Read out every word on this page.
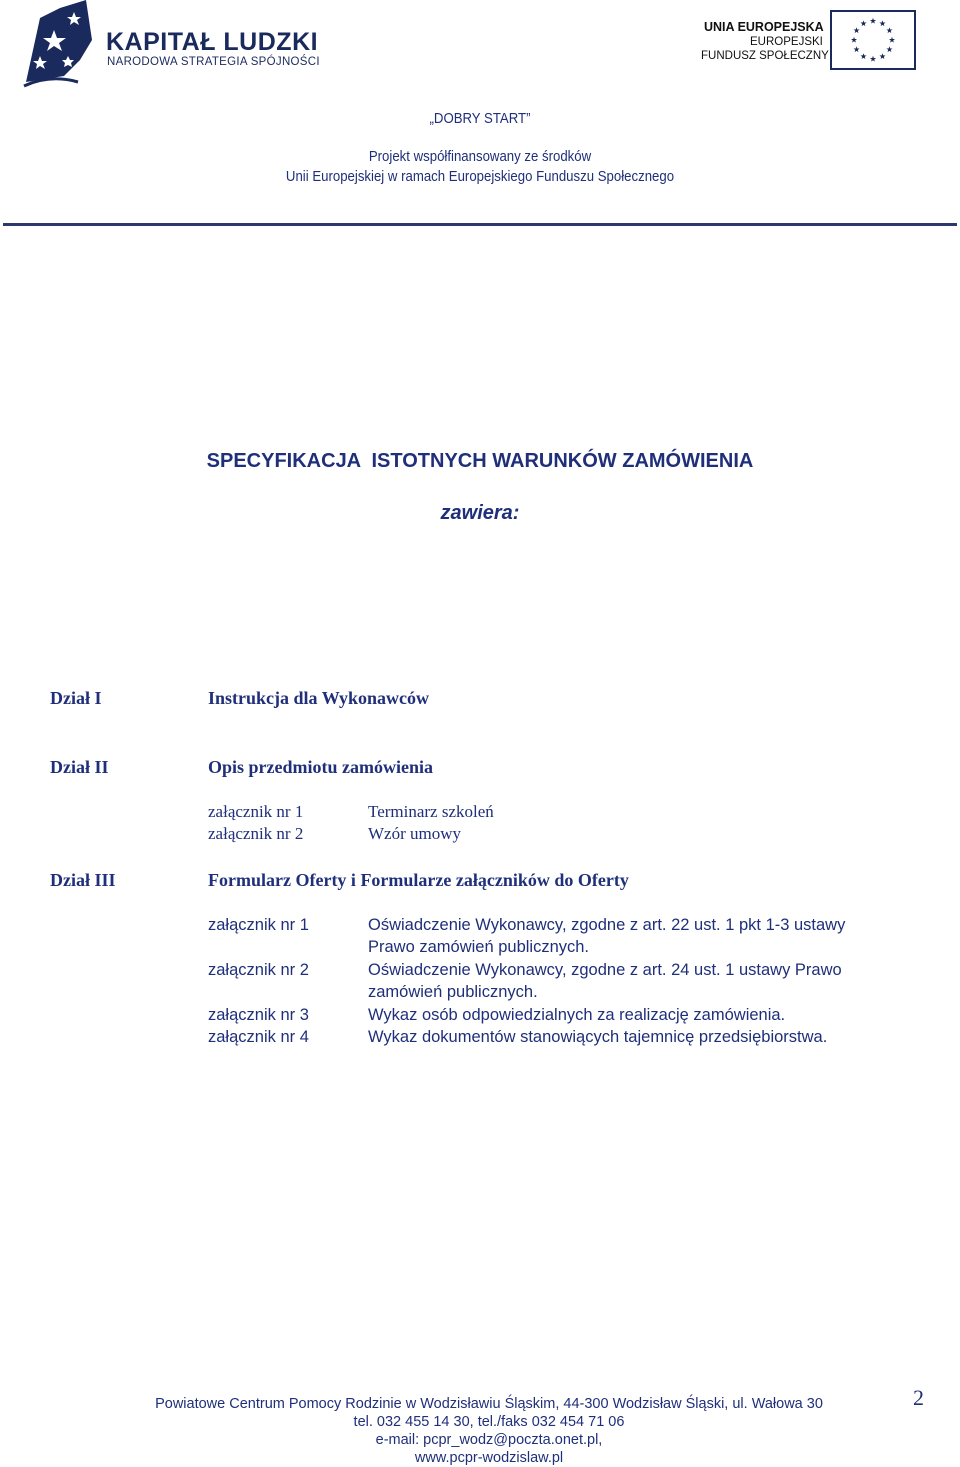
KAPITAŁ LUDZKI
NARODOWA STRATEGIA SPÓJNOŚCI
UNIA EUROPEJSKA
EUROPEJSKI
FUNDUSZ SPOŁECZNY
„DOBRY START”
Projekt współfinansowany ze środków
Unii Europejskiej w ramach Europejskiego Funduszu Społecznego
SPECYFIKACJA  ISTOTNYCH WARUNKÓW ZAMÓWIENIA
zawiera:
Dział I	Instrukcja dla Wykonawców
Dział II	Opis przedmiotu zamówienia
załącznik nr 1	Terminarz szkoleń
załącznik nr 2	Wzór umowy
Dział III	Formularz Oferty i Formularze załączników do Oferty
załącznik nr 1	Oświadczenie Wykonawcy, zgodne z art. 22 ust. 1 pkt 1-3 ustawy
Prawo zamówień publicznych.
załącznik nr 2	Oświadczenie Wykonawcy, zgodne z art. 24 ust. 1 ustawy Prawo
zamówień publicznych.
załącznik nr 3	Wykaz osób odpowiedzialnych za realizację zamówienia.
załącznik nr 4	Wykaz dokumentów stanowiących tajemnicę przedsiębiorstwa.
Powiatowe Centrum Pomocy Rodzinie w Wodzisławiu Śląskim, 44-300 Wodzisław Śląski, ul. Wałowa 30
tel. 032 455 14 30, tel./faks 032 454 71 06
e-mail: pcpr_wodz@poczta.onet.pl,
www.pcpr-wodzislaw.pl
2
